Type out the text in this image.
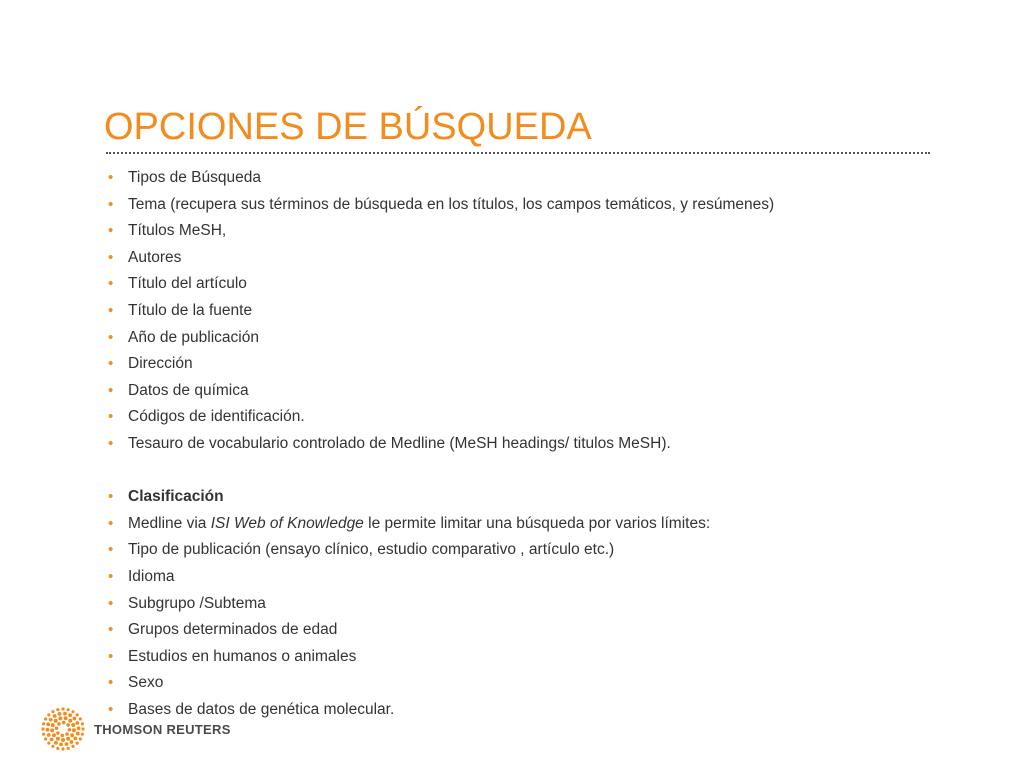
OPCIONES DE BÚSQUEDA
• Tipos de Búsqueda
• Tema (recupera sus términos de búsqueda en los títulos, los campos temáticos, y resúmenes)
• Títulos MeSH,
• Autores
• Título del artículo
• Título de la fuente
• Año de publicación
• Dirección
• Datos de química
• Códigos de identificación.
• Tesauro de vocabulario controlado de Medline (MeSH headings/ titulos MeSH).
• Clasificación
• Medline via ISI Web of Knowledge le permite limitar una búsqueda por varios límites:
• Tipo de publicación (ensayo clínico, estudio comparativo , artículo etc.)
• Idioma
• Subgrupo /Subtema
• Grupos determinados de edad
• Estudios en humanos o animales
• Sexo
• Bases de datos de genética molecular.
THOMSON REUTERS
